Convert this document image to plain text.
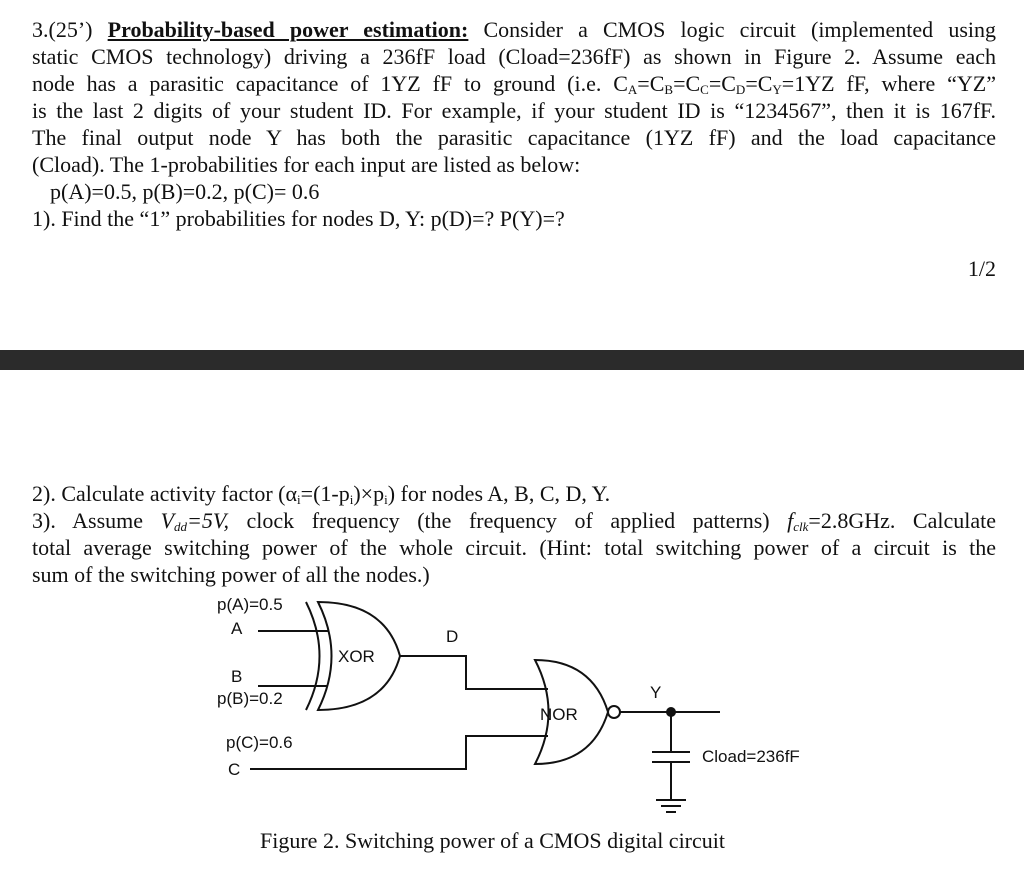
3.(25’) Probability-based power estimation: Consider a CMOS logic circuit (implemented using
static CMOS technology) driving a 236fF load (Cload=236fF) as shown in Figure 2. Assume each
node has a parasitic capacitance of 1YZ fF to ground (i.e. $C_A=C_B=C_C=C_D=C_Y=1YZ$ fF, where “YZ”
is the last 2 digits of your student ID. For example, if your student ID is “1234567”, then it is 167fF.
The final output node Y has both the parasitic capacitance (1YZ fF) and the load capacitance
(Cload). The 1-probabilities for each input are listed as below:
p(A)=0.5, p(B)=0.2, p(C)= 0.6
1). Find the “1” probabilities for nodes D, Y: p(D)=? P(Y)=?
1/2
2). Calculate activity factor $(\alpha_i=(1-p_i)\times p_i)$ for nodes A, B, C, D, Y.
3). Assume $V_{dd}=5V$, clock frequency (the frequency of applied patterns) $f_{clk}=2.8GHz$. Calculate
total average switching power of the whole circuit. (Hint: total switching power of a circuit is the
sum of the switching power of all the nodes.)
p(A)=0.5
A
B
p(B)=0.2
p(C)=0.6
C
D
XOR
NOR
Y
Cload=236fF
Figure 2. Switching power of a CMOS digital circuit
